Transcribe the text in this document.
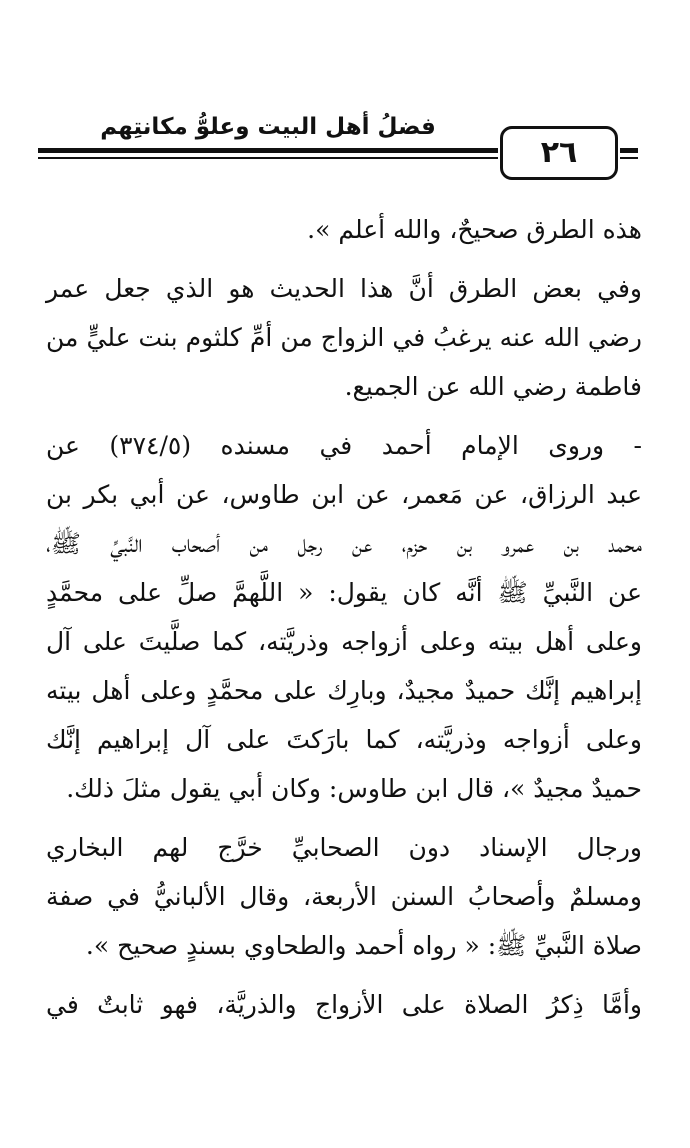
فضلُ أهل البيت وعلوُّ مكانتِهم
٢٦
هذه الطرق صحيحٌ، والله أعلم ».
وفي بعض الطرق أنَّ هذا الحديث هو الذي جعل عمر
رضي الله عنه يرغبُ في الزواج من أمِّ كلثوم بنت عليٍّ من
فاطمة رضي الله عن الجميع.
- وروى الإمام أحمد في مسنده (٣٧٤/٥) عن
عبد الرزاق، عن مَعمر، عن ابن طاوس، عن أبي بكر بن
محمد بن عمرو بن حزم، عن رجل من أصحاب النَّبيِّ ﷺ،
عن النَّبيِّ ﷺ أنَّه كان يقول: « اللَّهمَّ صلِّ على محمَّدٍ
وعلى أهل بيته وعلى أزواجه وذريَّته، كما صلَّيتَ على آل
إبراهيم إنَّك حميدٌ مجيدٌ، وبارِك على محمَّدٍ وعلى أهل بيته
وعلى أزواجه وذريَّته، كما بارَكتَ على آل إبراهيم إنَّك
حميدٌ مجيدٌ »، قال ابن طاوس: وكان أبي يقول مثلَ ذلك.
ورجال الإسناد دون الصحابيِّ خرَّج لهم البخاري
ومسلمٌ وأصحابُ السنن الأربعة، وقال الألبانيُّ في صفة
صلاة النَّبيِّ ﷺ: « رواه أحمد والطحاوي بسندٍ صحيح ».
وأمَّا ذِكرُ الصلاة على الأزواج والذريَّة، فهو ثابتٌ في
